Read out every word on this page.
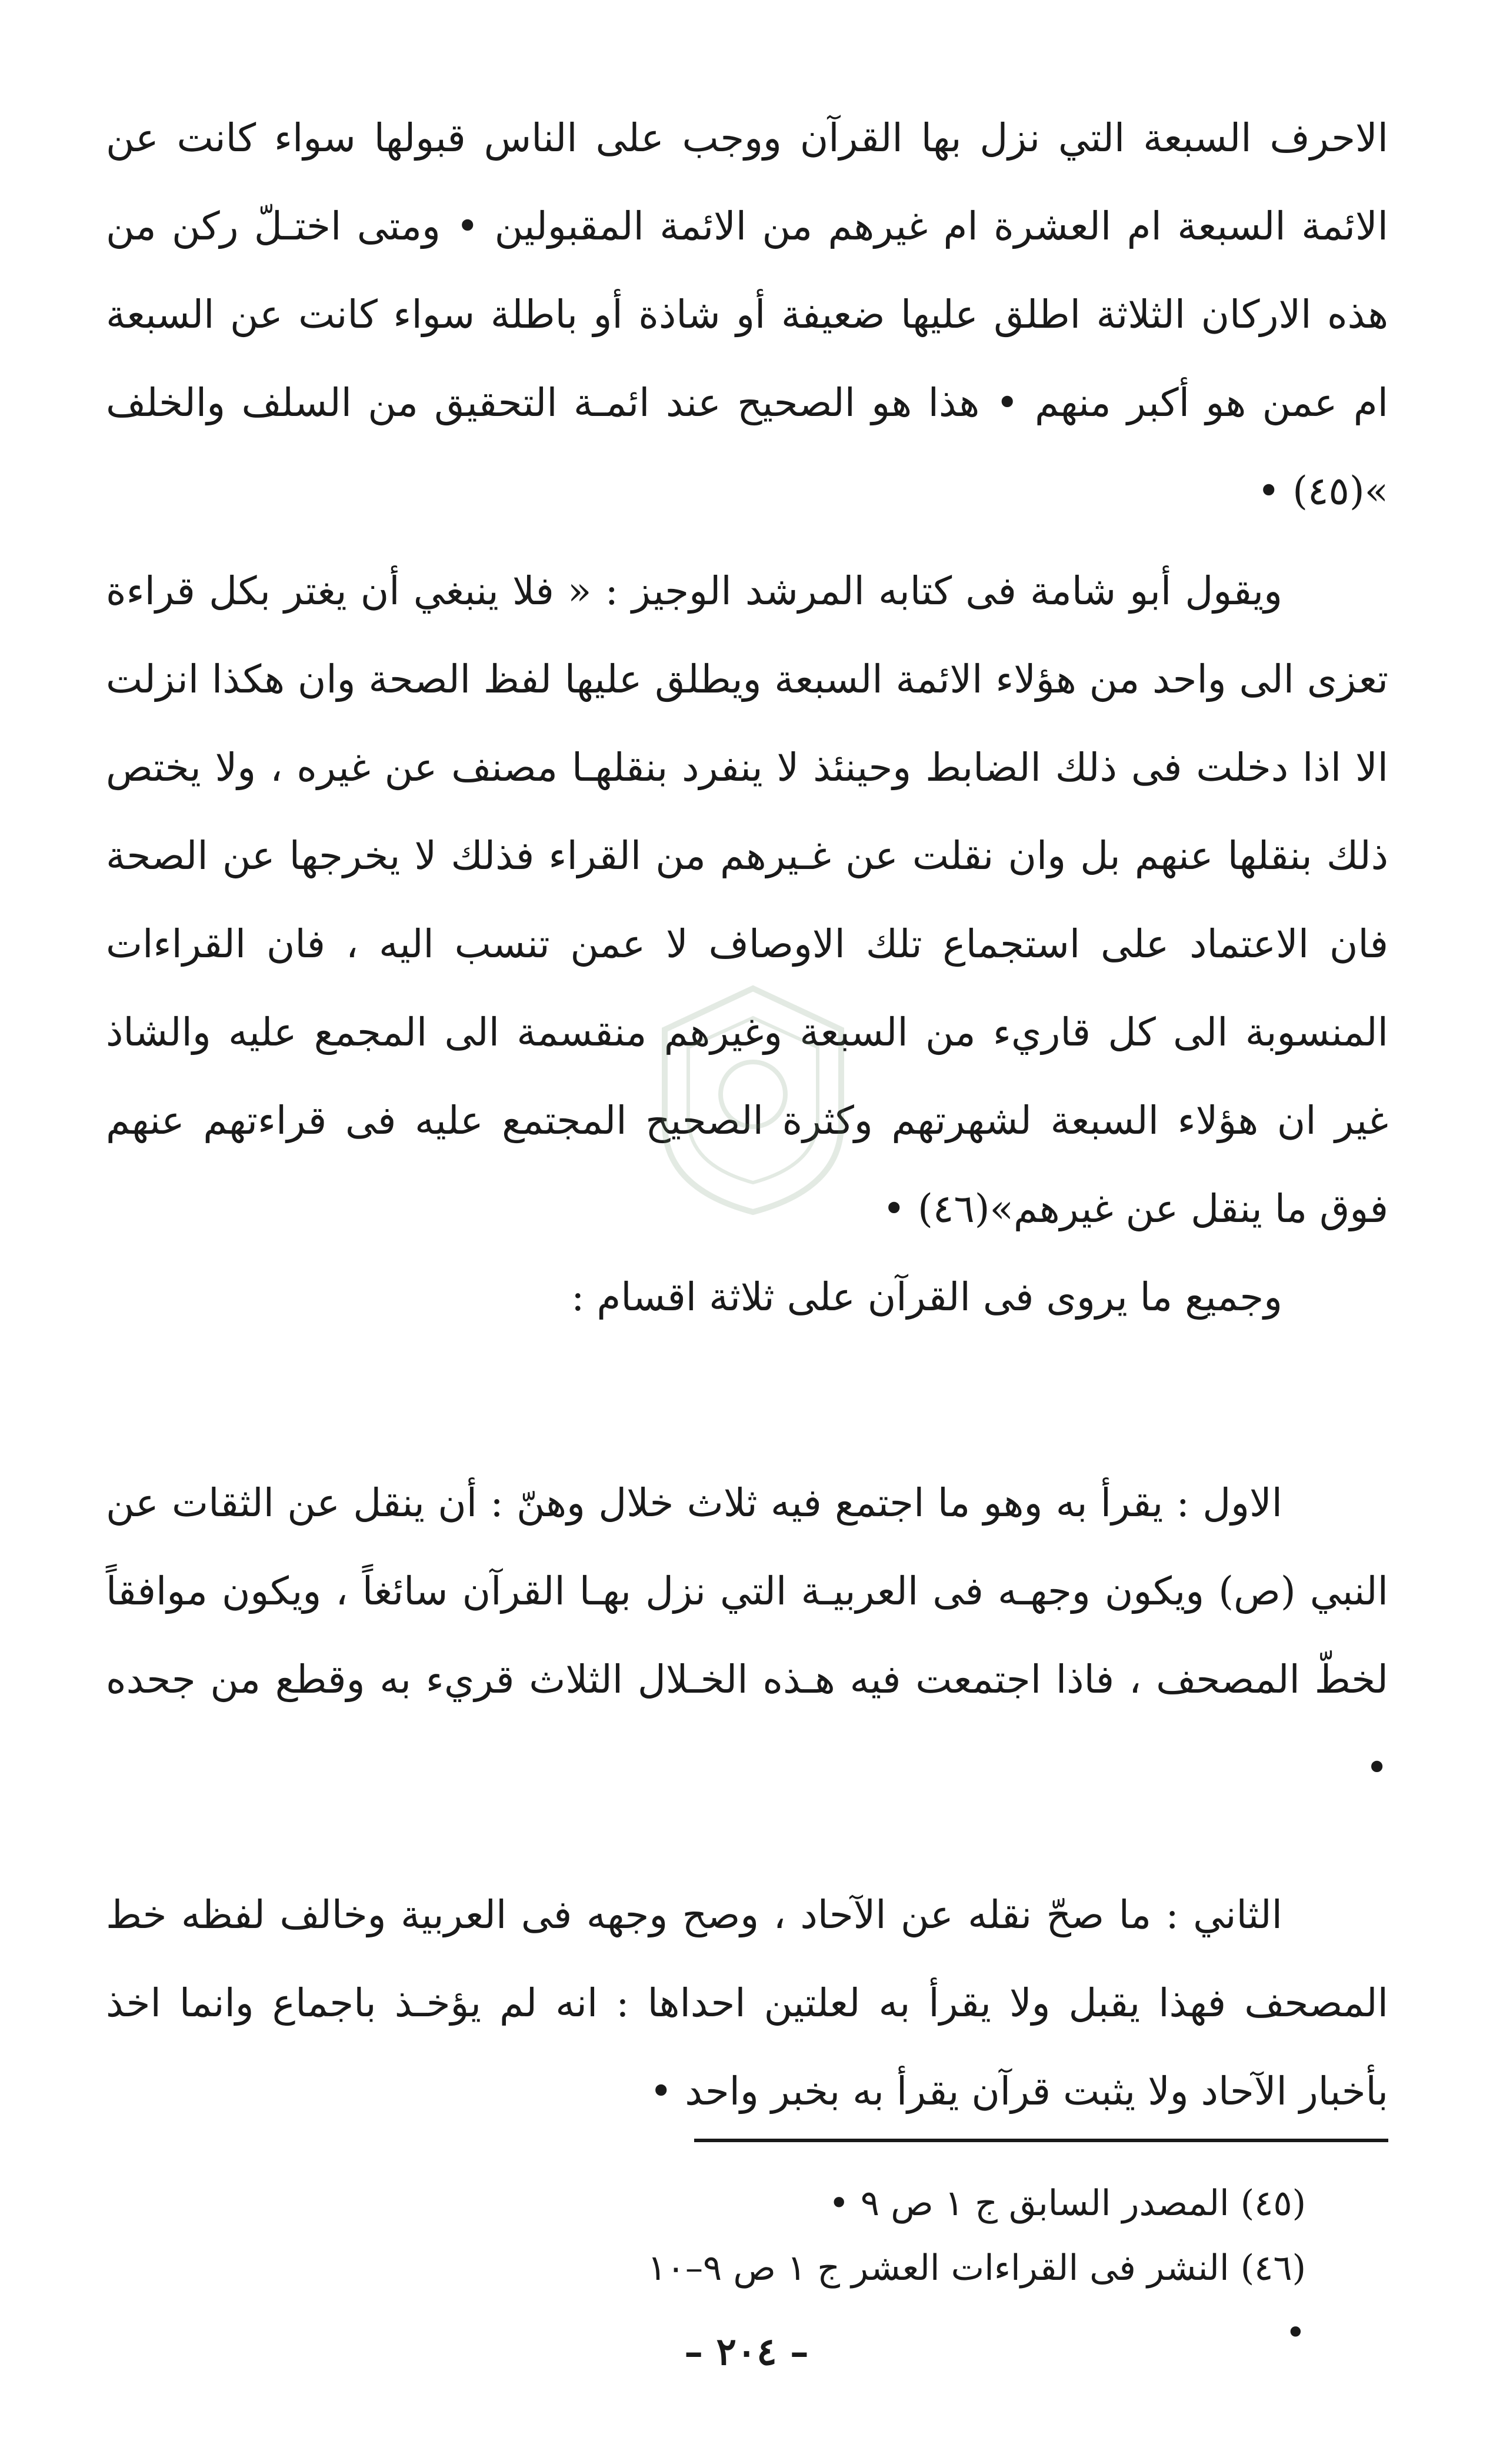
الاحرف السبعة التي نزل بها القرآن ووجب على الناس قبولها سواء كانت عن الائمة السبعة ام العشرة ام غيرهم من الائمة المقبولين • ومتى اختـلّ ركن من هذه الاركان الثلاثة اطلق عليها ضعيفة أو شاذة أو باطلة سواء كانت عن السبعة ام عمن هو أكبر منهم • هذا هو الصحيح عند ائمـة التحقيق من السلف والخلف »(٤٥) •

ويقول أبو شامة فى كتابه المرشد الوجيز : « فلا ينبغي أن يغتر بكل قراءة تعزى الى واحد من هؤلاء الائمة السبعة ويطلق عليها لفظ الصحة وان هكذا انزلت الا اذا دخلت فى ذلك الضابط وحينئذ لا ينفرد بنقلهـا مصنف عن غيره ، ولا يختص ذلك بنقلها عنهم بل وان نقلت عن غـيرهم من القراء فذلك لا يخرجها عن الصحة فان الاعتماد على استجماع تلك الاوصاف لا عمن تنسب اليه ، فان القراءات المنسوبة الى كل قاريء من السبعة وغيرهم منقسمة الى المجمع عليه والشاذ غير ان هؤلاء السبعة لشهرتهم وكثرة الصحيح المجتمع عليه فى قراءتهم عنهم فوق ما ينقل عن غيرهم»(٤٦) •

وجميع ما يروى فى القرآن على ثلاثة اقسام :

الاول : يقرأ به وهو ما اجتمع فيه ثلاث خلال وهنّ : أن ينقل عن الثقات عن النبي (ص) ويكون وجهـه فى العربيـة التي نزل بهـا القرآن سائغاً ، ويكون موافقاً لخطّ المصحف ، فاذا اجتمعت فيه هـذه الخـلال الثلاث قريء به وقطع من جحده •

الثاني : ما صحّ نقله عن الآحاد ، وصح وجهه فى العربية وخالف لفظه خط المصحف فهذا يقبل ولا يقرأ به لعلتين احداها : انه لم يؤخـذ باجماع وانما اخذ بأخبار الآحاد ولا يثبت قرآن يقرأ به بخبر واحد •

(٤٥) المصدر السابق ج ١ ص ٩ •

(٤٦) النشر فى القراءات العشر ج ١ ص ٩–١٠ •

– ٢٠٤ –
